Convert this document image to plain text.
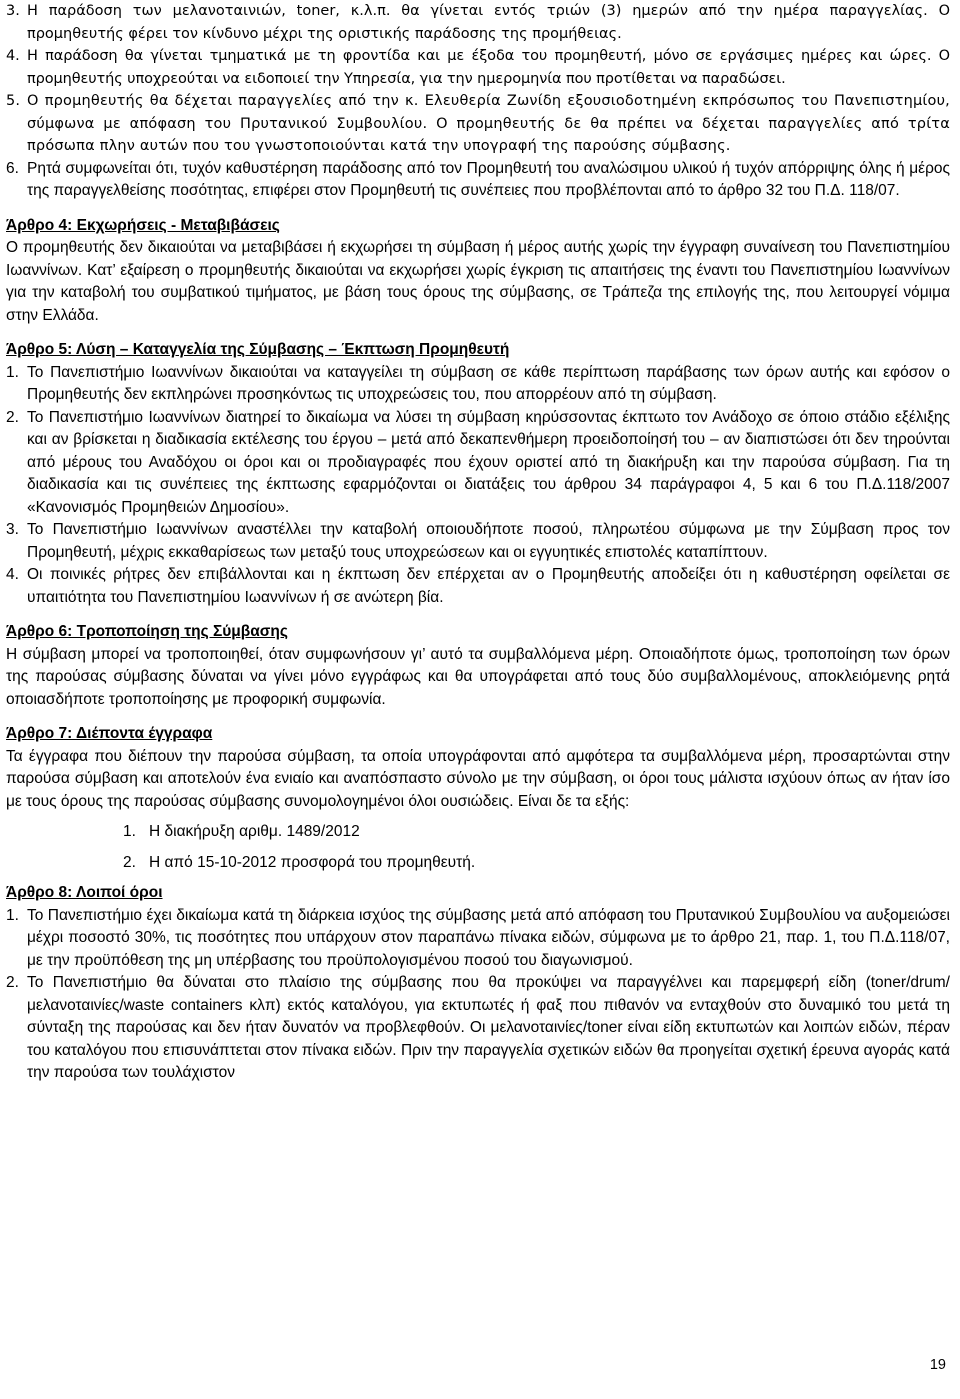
3. Η παράδοση των μελανοταινιών, toner, κ.λ.π. θα γίνεται εντός τριών (3) ημερών από την ημέρα παραγγελίας. Ο προμηθευτής φέρει τον κίνδυνο μέχρι της οριστικής παράδοσης της προμήθειας.
4. Η παράδοση θα γίνεται τμηματικά με τη φροντίδα και με έξοδα του προμηθευτή, μόνο σε εργάσιμες ημέρες και ώρες. Ο προμηθευτής υποχρεούται να ειδοποιεί την Υπηρεσία, για την ημερομηνία που προτίθεται να παραδώσει.
5. Ο προμηθευτής θα δέχεται παραγγελίες από την κ. Ελευθερία Ζωνίδη εξουσιοδοτημένη εκπρόσωπος του Πανεπιστημίου, σύμφωνα με απόφαση του Πρυτανικού Συμβουλίου. Ο προμηθευτής δε θα πρέπει να δέχεται παραγγελίες από τρίτα πρόσωπα πλην αυτών που του γνωστοποιούνται κατά την υπογραφή της παρούσης σύμβασης.
6. Ρητά συμφωνείται ότι, τυχόν καθυστέρηση παράδοσης από τον Προμηθευτή του αναλώσιμου υλικού ή τυχόν απόρριψης όλης ή μέρος της παραγγελθείσης ποσότητας, επιφέρει στον Προμηθευτή τις συνέπειες που προβλέπονται από το άρθρο 32 του Π.Δ. 118/07.

Άρθρο 4: Εκχωρήσεις - Μεταβιβάσεις

Ο προμηθευτής δεν δικαιούται να μεταβιβάσει ή εκχωρήσει τη σύμβαση ή μέρος αυτής χωρίς την έγγραφη συναίνεση του Πανεπιστημίου Ιωαννίνων. Κατ’ εξαίρεση ο προμηθευτής δικαιούται να εκχωρήσει χωρίς έγκριση τις απαιτήσεις της έναντι του Πανεπιστημίου Ιωαννίνων για την καταβολή του συμβατικού τιμήματος, με βάση τους όρους της σύμβασης, σε Τράπεζα της επιλογής της, που λειτουργεί νόμιμα στην Ελλάδα.

Άρθρο 5: Λύση – Καταγγελία της Σύμβασης – Έκπτωση Προμηθευτή

1. Το Πανεπιστήμιο Ιωαννίνων δικαιούται να καταγγείλει τη σύμβαση σε κάθε περίπτωση παράβασης των όρων αυτής και εφόσον ο Προμηθευτής δεν εκπληρώνει προσηκόντως τις υποχρεώσεις του, που απορρέουν από τη σύμβαση.
2. Το Πανεπιστήμιο Ιωαννίνων διατηρεί το δικαίωμα να λύσει τη σύμβαση κηρύσσοντας έκπτωτο τον Ανάδοχο σε όποιο στάδιο εξέλιξης και αν βρίσκεται η διαδικασία εκτέλεσης του έργου – μετά από δεκαπενθήμερη προειδοποίησή του – αν διαπιστώσει ότι δεν τηρούνται από μέρους του Αναδόχου οι όροι και οι προδιαγραφές που έχουν οριστεί από τη διακήρυξη και την παρούσα σύμβαση. Για τη διαδικασία και τις συνέπειες της έκπτωσης εφαρμόζονται οι διατάξεις του άρθρου 34 παράγραφοι 4, 5 και 6 του Π.Δ.118/2007 «Κανονισμός Προμηθειών Δημοσίου».
3. Το Πανεπιστήμιο Ιωαννίνων αναστέλλει την καταβολή οποιουδήποτε ποσού, πληρωτέου σύμφωνα με την Σύμβαση προς τον Προμηθευτή, μέχρις εκκαθαρίσεως των μεταξύ τους υποχρεώσεων και οι εγγυητικές επιστολές καταπίπτουν.
4. Οι ποινικές ρήτρες δεν επιβάλλονται και η έκπτωση δεν επέρχεται αν ο Προμηθευτής αποδείξει ότι η καθυστέρηση οφείλεται σε υπαιτιότητα του Πανεπιστημίου Ιωαννίνων ή σε ανώτερη βία.

Άρθρο 6: Τροποποίηση της Σύμβασης

Η σύμβαση μπορεί να τροποποιηθεί, όταν συμφωνήσουν γι’ αυτό τα συμβαλλόμενα μέρη. Οποιαδήποτε όμως, τροποποίηση των όρων της παρούσας σύμβασης δύναται να γίνει μόνο εγγράφως και θα υπογράφεται από τους δύο συμβαλλομένους, αποκλειόμενης ρητά οποιασδήποτε τροποποίησης με προφορική συμφωνία.

Άρθρο 7: Διέποντα έγγραφα

Τα έγγραφα που διέπουν την παρούσα σύμβαση, τα οποία υπογράφονται από αμφότερα τα συμβαλλόμενα μέρη, προσαρτώνται στην παρούσα σύμβαση και αποτελούν ένα ενιαίο και αναπόσπαστο σύνολο με την σύμβαση, οι όροι τους μάλιστα ισχύουν όπως αν ήταν ίσο με τους όρους της παρούσας σύμβασης συνομολογημένοι όλοι ουσιώδεις. Είναι δε τα εξής:

1. Η διακήρυξη αριθμ. 1489/2012
2. Η από 15-10-2012 προσφορά του προμηθευτή.

Άρθρο 8: Λοιποί όροι

1. Το Πανεπιστήμιο έχει δικαίωμα κατά τη διάρκεια ισχύος της σύμβασης μετά από απόφαση του Πρυτανικού Συμβουλίου να αυξομειώσει μέχρι ποσοστό 30%, τις ποσότητες που υπάρχουν στον παραπάνω πίνακα ειδών, σύμφωνα με το άρθρο 21, παρ. 1, του Π.Δ.118/07, με την προϋπόθεση της μη υπέρβασης του προϋπολογισμένου ποσού του διαγωνισμού.
2. Το Πανεπιστήμιο θα δύναται στο πλαίσιο της σύμβασης που θα προκύψει να παραγγέλνει και παρεμφερή είδη (toner/drum/μελανοταινίες/waste containers κλπ) εκτός καταλόγου, για εκτυπωτές ή φαξ που πιθανόν να ενταχθούν στο δυναμικό του μετά τη σύνταξη της παρούσας και δεν ήταν δυνατόν να προβλεφθούν. Οι μελανοταινίες/toner είναι είδη εκτυπωτών και λοιπών ειδών, πέραν του καταλόγου που επισυνάπτεται στον πίνακα ειδών. Πριν την παραγγελία σχετικών ειδών θα προηγείται σχετική έρευνα αγοράς κατά την παρούσα των τουλάχιστον
19
